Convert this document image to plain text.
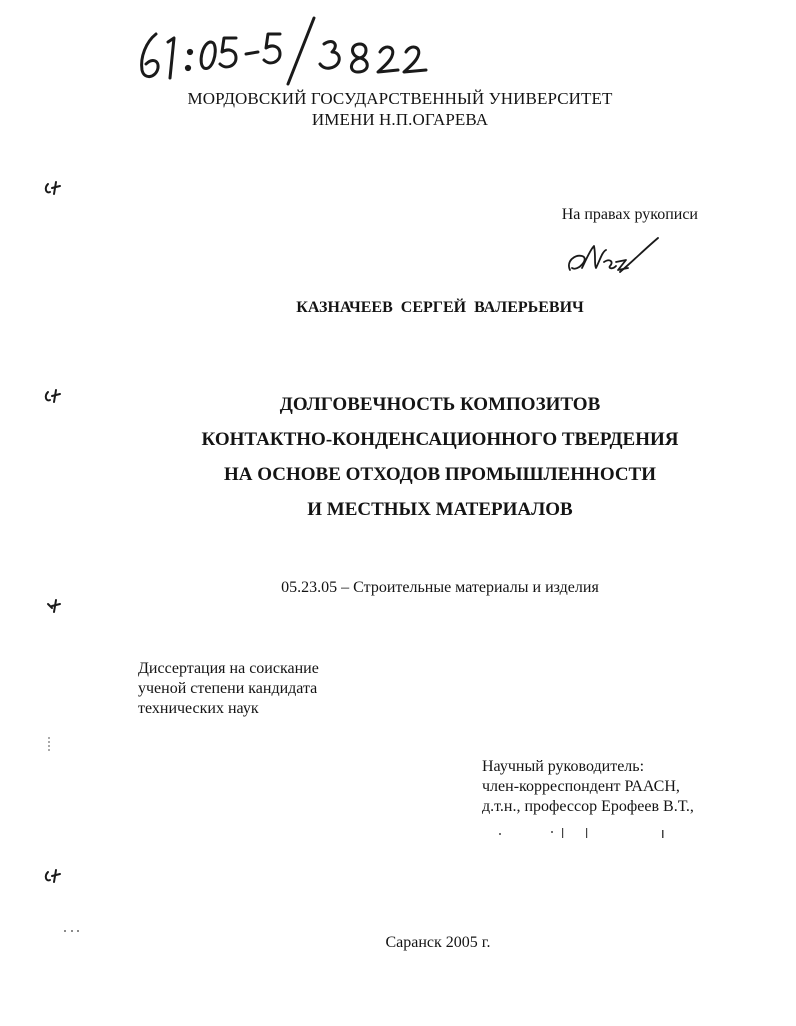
МОРДОВСКИЙ ГОСУДАРСТВЕННЫЙ УНИВЕРСИТЕТ
ИМЕНИ Н.П.ОГАРЕВА
На правах рукописи
КАЗНАЧЕЕВ СЕРГЕЙ ВАЛЕРЬЕВИЧ
ДОЛГОВЕЧНОСТЬ КОМПОЗИТОВ
КОНТАКТНО-КОНДЕНСАЦИОННОГО ТВЕРДЕНИЯ
НА ОСНОВЕ ОТХОДОВ ПРОМЫШЛЕННОСТИ
И МЕСТНЫХ МАТЕРИАЛОВ
05.23.05 – Строительные материалы и изделия
Диссертация на соискание
ученой степени кандидата
технических наук
Научный руководитель:
член-корреспондент РААСН,
д.т.н., профессор Ерофеев В.Т.,
Саранск 2005 г.
